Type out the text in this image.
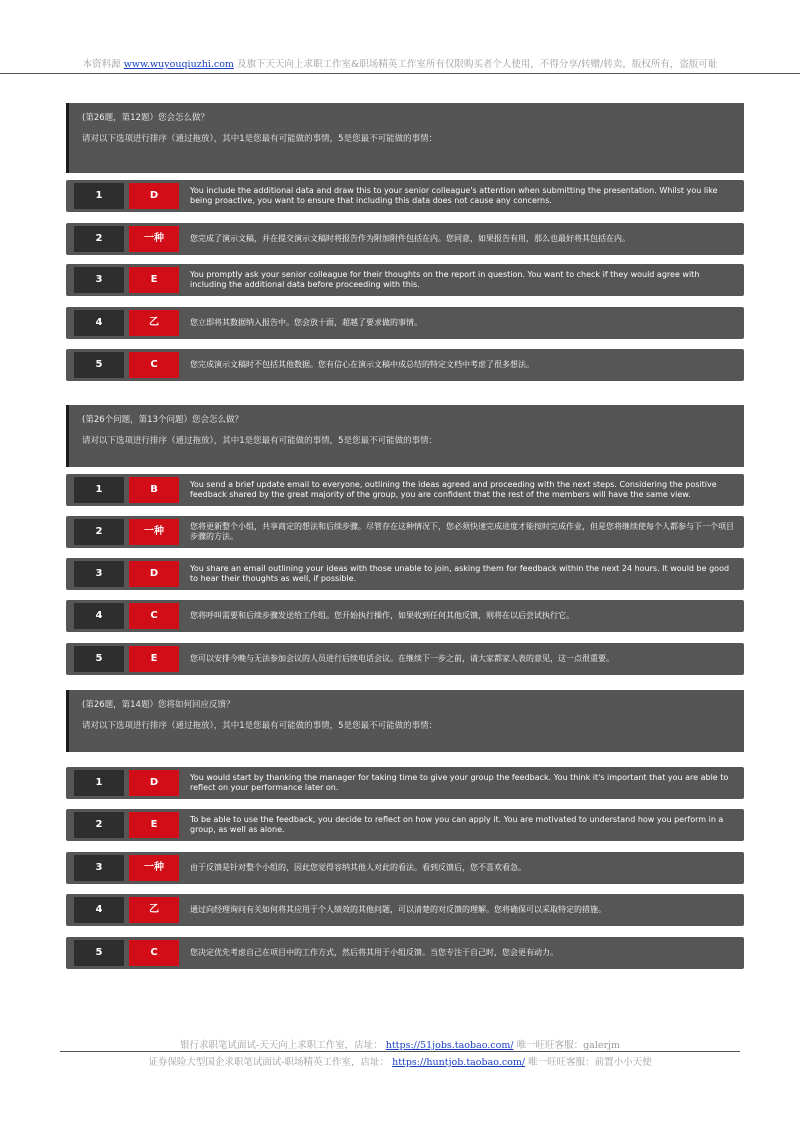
本资料源 www.wuyouqiuzhi.com 及旗下天天向上求职工作室&职场精英工作室所有仅限购买者个人使用，不得分享/转赠/转卖，版权所有，盗版可耻
(第26题，第12题）您会怎么做？
请对以下选项进行排序（通过拖放），其中1是您最有可能做的事情，5是您最不可能做的事情：
1	D	You include the additional data and draw this to your senior colleague's attention when submitting the presentation. Whilst you like being proactive, you want to ensure that including this data does not cause any concerns.
2	一种	您完成了演示文稿，并在提交演示文稿时将报告作为附加附件包括在内。您同意，如果报告有用，那么也最好将其包括在内。
3	E	You promptly ask your senior colleague for their thoughts on the report in question. You want to check if they would agree with including the additional data before proceeding with this.
4	乙	您立即将其数据纳入报告中。您会放十面，超越了要求做的事情。
5	C	您完成演示文稿时不包括其他数据。您有信心在演示文稿中成总结的特定文档中考虑了很多想法。
(第26个问题，第13个问题）您会怎么做？
请对以下选项进行排序（通过拖放），其中1是您最有可能做的事情，5是您最不可能做的事情：
1	B	You send a brief update email to everyone, outlining the ideas agreed and proceeding with the next steps. Considering the positive feedback shared by the great majority of the group, you are confident that the rest of the members will have the same view.
2	一种	您将更新整个小组，共享商定的想法和后续步骤。尽管存在这种情况下，您必须快速完成进度才能按时完成作业，但是您将继续使每个人都参与下一个项目步骤的方法。
3	D	You share an email outlining your ideas with those unable to join, asking them for feedback within the next 24 hours. It would be good to hear their thoughts as well, if possible.
4	C	您将呼叫需要和后续步骤发送给工作组。您开始执行操作，如果收到任何其他反馈，则将在以后尝试执行它。
5	E	您可以安排今晚与无法参加会议的人员进行后续电话会议。在继续下一步之前，请大家都家人表的意见，这一点很重要。
(第26题，第14题）您将如何回应反馈？
请对以下选项进行排序（通过拖放），其中1是您最有可能做的事情，5是您最不可能做的事情：
1	D	You would start by thanking the manager for taking time to give your group the feedback. You think it's important that you are able to reflect on your performance later on.
2	E	To be able to use the feedback, you decide to reflect on how you can apply it. You are motivated to understand how you perform in a group, as well as alone.
3	一种	由于反馈是针对整个小组的，因此您觉得容纳其他人对此的看法。看到反馈后，您不喜欢看急。
4	乙	通过向经理询问有关如何将其应用于个人绩效的其他问题，可以清楚的对反馈的理解。您将确保可以采取特定的措施。
5	C	您决定优先考虑自己在项目中的工作方式，然后将其用于小组反馈。当您专注于自己时，您会更有动力。
银行求职笔试面试-天天向上求职工作室，店址： https://51jobs.taobao.com/ 唯一旺旺客服：galerjm
证券保险大型国企求职笔试面试-职场精英工作室，店址： https://huntjob.taobao.com/ 唯一旺旺客服：前置小小天使
